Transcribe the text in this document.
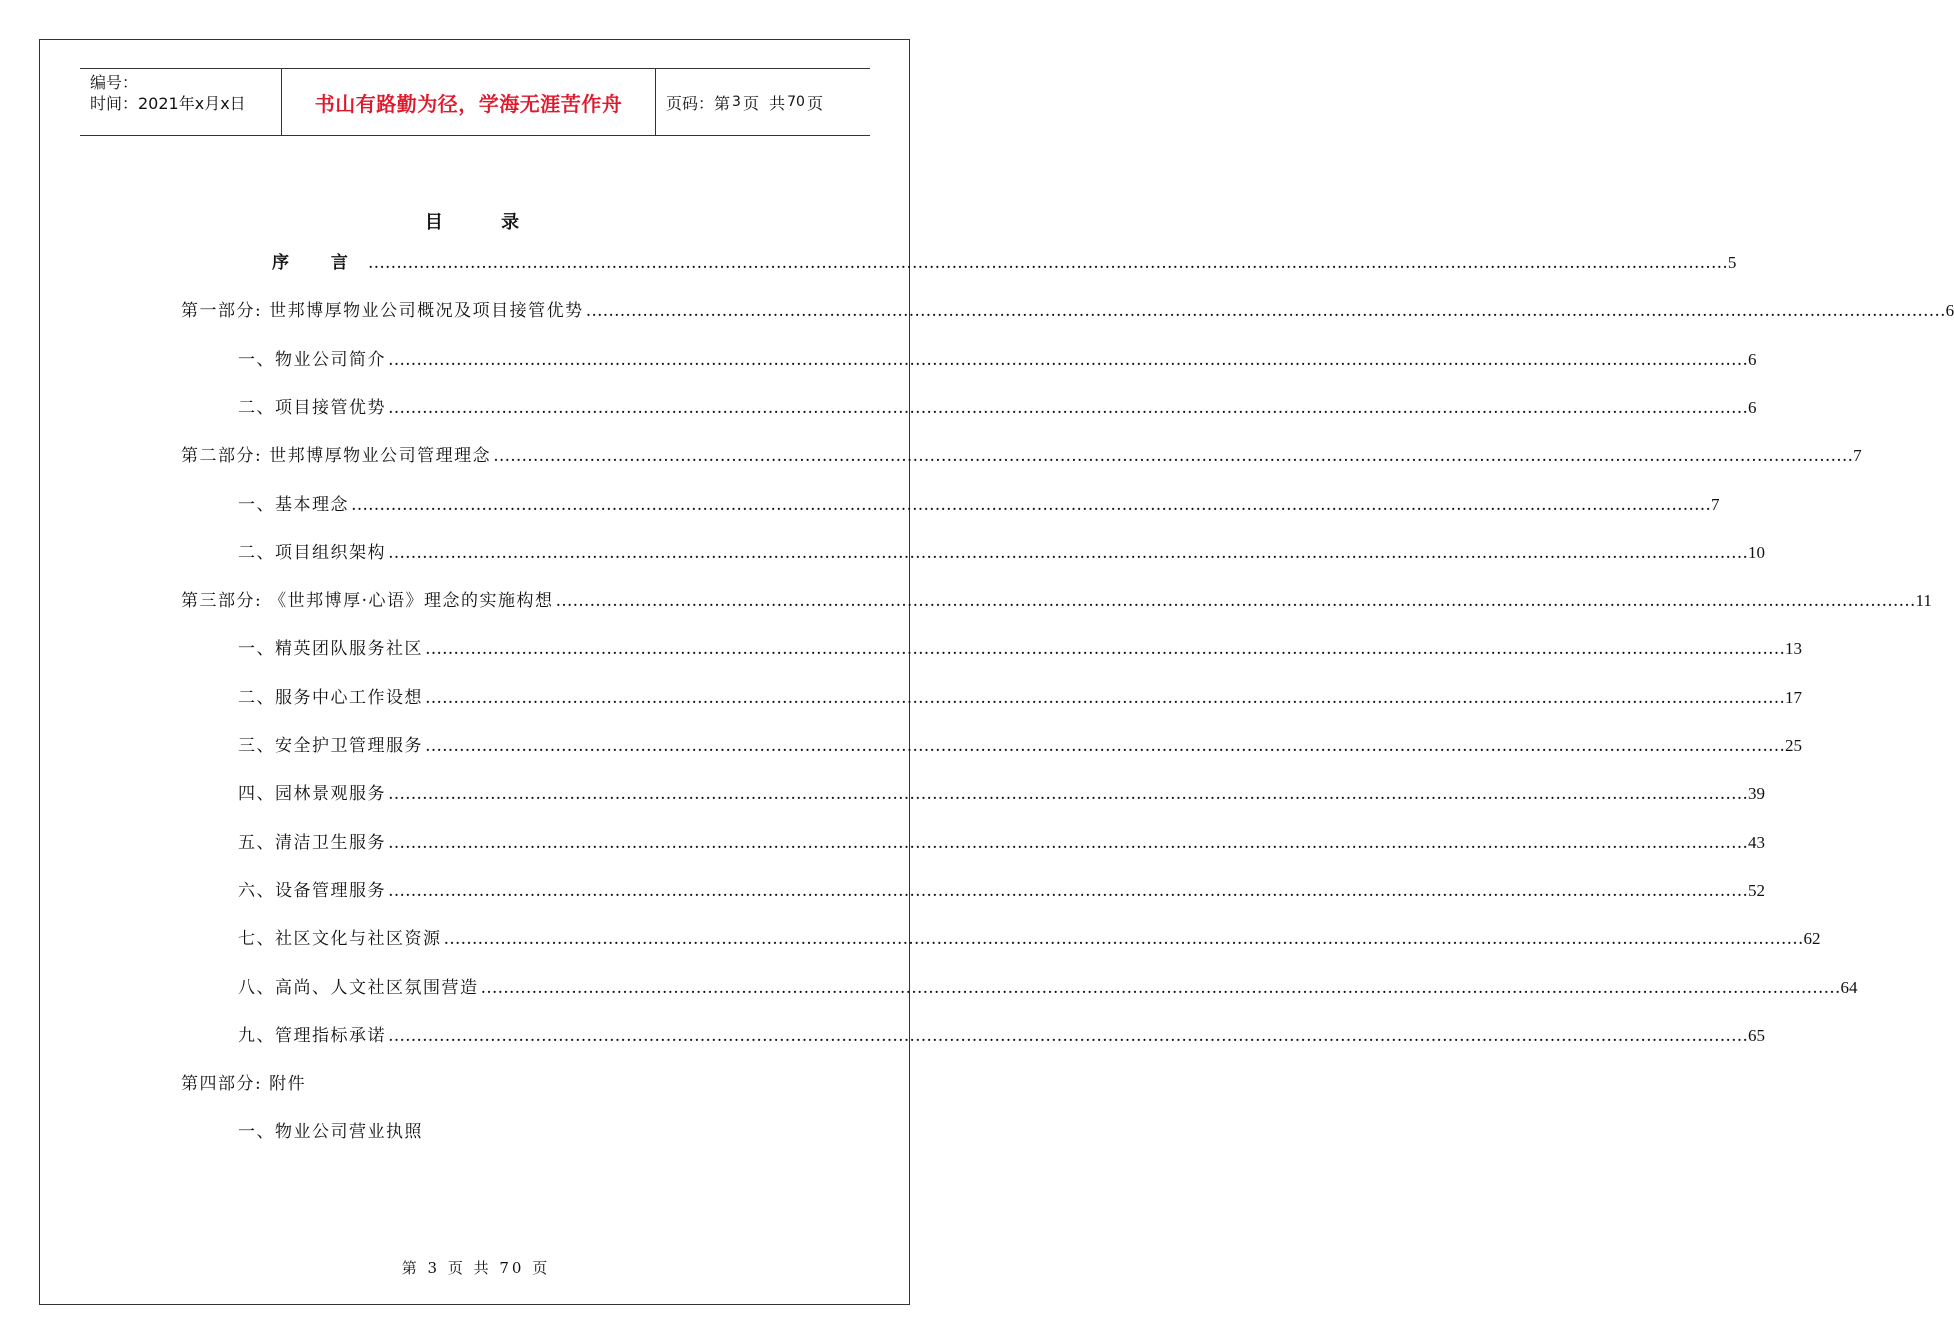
编号：
时间：2021年x月x日	书山有路勤为径，学海无涯苦作舟	页码：第 3 页  共 70 页
目 录
序 言 …………………………………………………………………………………………………………………………………………………………………………………………………………………… 5
第一部分: 世邦博厚物业公司概况及项目接管优势 …………………………………………………………………………………………………………………………………………………………………………………………………………………… 6
一、物业公司简介 …………………………………………………………………………………………………………………………………………………………………………………………………………………… 6
二、项目接管优势 …………………………………………………………………………………………………………………………………………………………………………………………………………………… 6
第二部分: 世邦博厚物业公司管理理念 …………………………………………………………………………………………………………………………………………………………………………………………………………………… 7
一、基本理念 …………………………………………………………………………………………………………………………………………………………………………………………………………………… 7
二、项目组织架构 …………………………………………………………………………………………………………………………………………………………………………………………………………………… 10
第三部分: 《世邦博厚·心语》理念的实施构想 …………………………………………………………………………………………………………………………………………………………………………………………………………………… 11
一、精英团队服务社区 …………………………………………………………………………………………………………………………………………………………………………………………………………………… 13
二、服务中心工作设想 …………………………………………………………………………………………………………………………………………………………………………………………………………………… 17
三、安全护卫管理服务 …………………………………………………………………………………………………………………………………………………………………………………………………………………… 25
四、园林景观服务 …………………………………………………………………………………………………………………………………………………………………………………………………………………… 39
五、清洁卫生服务 …………………………………………………………………………………………………………………………………………………………………………………………………………………… 43
六、设备管理服务 …………………………………………………………………………………………………………………………………………………………………………………………………………………… 52
七、社区文化与社区资源 …………………………………………………………………………………………………………………………………………………………………………………………………………………… 62
八、高尚、人文社区氛围营造 …………………………………………………………………………………………………………………………………………………………………………………………………………………… 64
九、管理指标承诺 …………………………………………………………………………………………………………………………………………………………………………………………………………………… 65
第四部分: 附件
一、物业公司营业执照
第 3 页 共 70 页
